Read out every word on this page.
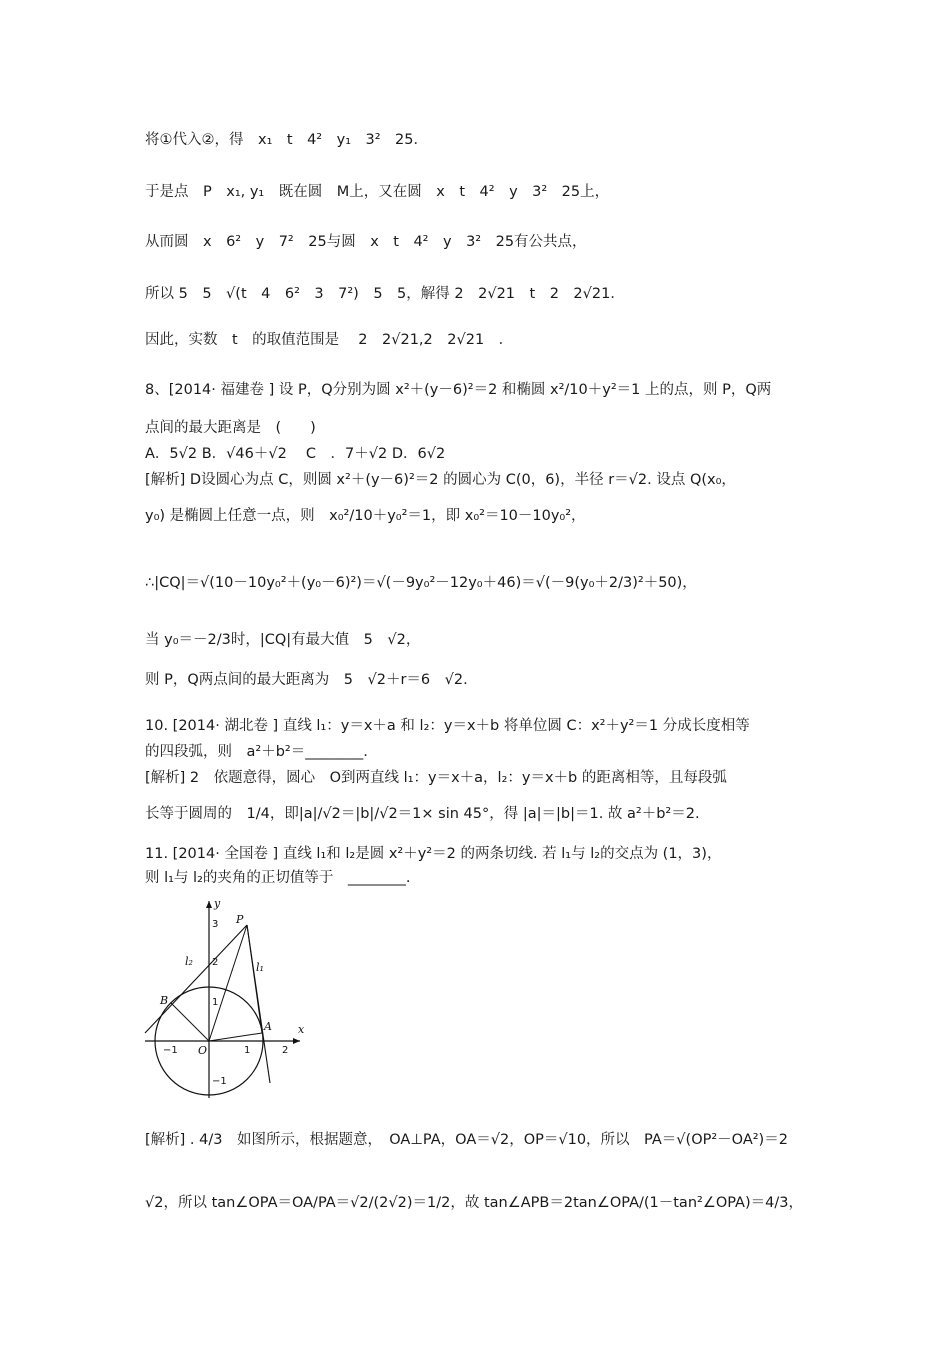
将①代入②，得　x₁　t　4²　y₁　3²　25．
于是点　P　x₁, y₁　既在圆　M上，又在圆　x　t　4²　y　3²　25上，
从而圆　x　6²　y　7²　25与圆　x　t　4²　y　3²　25有公共点，
所以 5　5　√(t　4　6²　3　7²)　5　5，解得 2　2√21　t　2　2√21．
因此，实数　t　的取值范围是　 2　2√21,2　2√21　．
8、[2014· 福建卷 ] 设 P，Q分别为圆 x²＋(y－6)²＝2 和椭圆 x²/10＋y²＝1 上的点，则 P，Q两
点间的最大距离是　(　　)
A．5√2 B．√46＋√2　 C　．7＋√2 D．6√2
[解析] D设圆心为点 C，则圆 x²＋(y－6)²＝2 的圆心为 C(0，6)，半径 r＝√2. 设点 Q(x₀，
y₀) 是椭圆上任意一点，则　x₀²/10＋y₀²＝1，即 x₀²＝10－10y₀²，
∴|CQ|＝√(10－10y₀²＋(y₀－6)²)＝√(－9y₀²－12y₀＋46)＝√(－9(y₀＋2/3)²＋50)，
当 y₀＝－2/3时，|CQ|有最大值　5　√2，
则 P，Q两点间的最大距离为　5　√2＋r＝6　√2.
10. [2014· 湖北卷 ] 直线 l₁：y＝x＋a 和 l₂：y＝x＋b 将单位圆 C：x²＋y²＝1 分成长度相等
的四段弧，则　a²＋b²＝________.
[解析] 2　依题意得，圆心　O到两直线 l₁：y＝x＋a，l₂：y＝x＋b 的距离相等，且每段弧
长等于圆周的　1/4，即|a|/√2＝|b|/√2＝1× sin 45°，得 |a|＝|b|＝1. 故 a²＋b²＝2.
11. [2014· 全国卷 ] 直线 l₁和 l₂是圆 x²＋y²＝2 的两条切线. 若 l₁与 l₂的交点为 (1，3)，
则 l₁与 l₂的夹角的正切值等于　________.
[解析] . 4/3　如图所示，根据题意，　OA⊥PA，OA＝√2，OP＝√10，所以　PA＝√(OP²－OA²)＝2
√2，所以 tan∠OPA＝OA/PA＝√2/(2√2)＝1/2，故 tan∠APB＝2tan∠OPA/(1－tan²∠OPA)＝4/3，
y
x
P
B
A
O
l₂	l₁
3
2
1
−1
−1	1	2
